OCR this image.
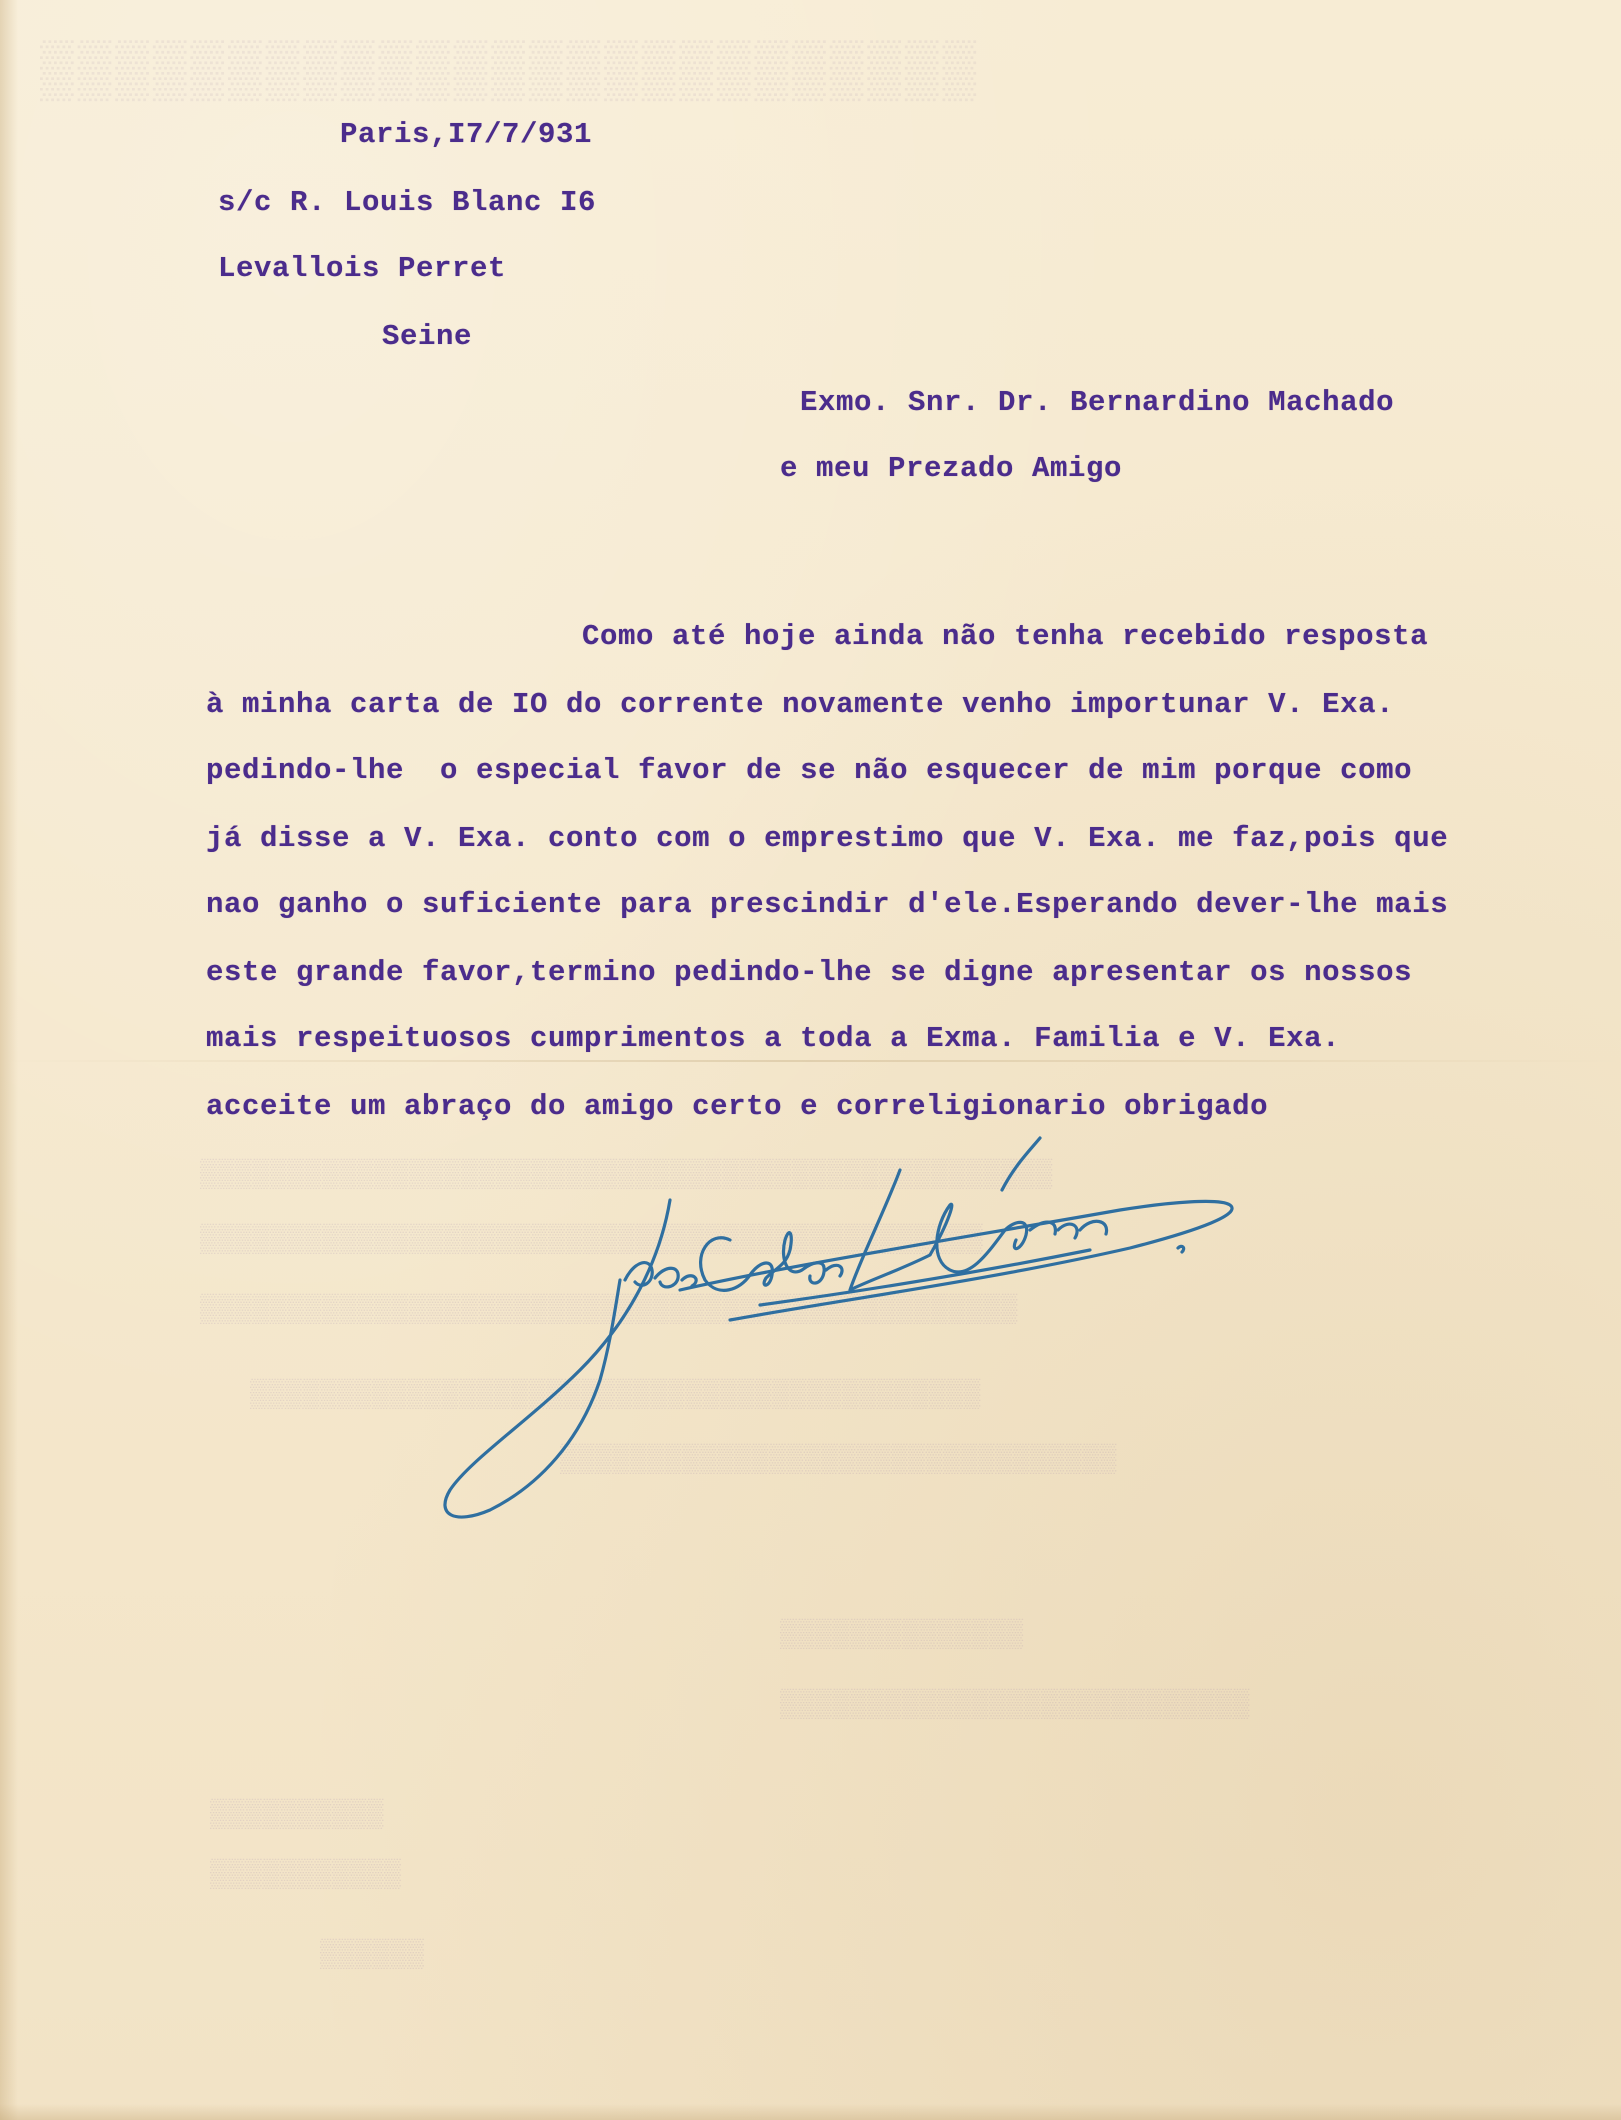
▒▒▒▒▒▒▒▒▒▒▒▒▒▒▒▒▒▒▒▒▒▒▒▒▒
▒▒▒▒▒▒▒▒▒▒▒▒▒▒▒▒▒▒▒▒▒▒▒▒▒▒▒▒▒▒▒▒▒▒▒▒▒▒▒▒▒▒▒▒▒▒▒▒▒
▒▒▒▒▒▒▒▒▒▒▒▒▒▒▒▒▒▒▒▒▒▒▒▒▒▒▒▒▒▒▒▒▒▒▒▒▒▒▒▒▒▒▒▒▒
▒▒▒▒▒▒▒▒▒▒▒▒▒▒▒▒▒▒▒▒▒▒▒▒▒▒▒▒▒▒▒▒▒▒▒▒▒▒▒▒▒▒▒▒▒▒▒
▒▒▒▒▒▒▒▒▒▒▒▒▒▒▒▒▒▒▒▒▒▒▒▒▒▒▒▒▒▒▒▒▒▒▒▒▒▒▒▒▒▒
▒▒▒▒▒▒▒▒▒▒▒▒▒▒▒▒▒▒▒▒▒▒▒▒▒▒▒▒▒▒▒▒
▒▒▒▒▒▒▒▒▒▒▒▒▒▒
▒▒▒▒▒▒▒▒▒▒▒▒▒▒▒▒▒▒▒▒▒▒▒▒▒▒▒
▒▒▒▒▒▒▒▒▒▒
▒▒▒▒▒▒▒▒▒▒▒
▒▒▒▒▒▒
Paris,I7/7/931
s/c R. Louis Blanc I6
Levallois Perret
Seine
Exmo. Snr. Dr. Bernardino Machado
e meu Prezado Amigo
Como até hoje ainda não tenha recebido resposta
à minha carta de IO do corrente novamente venho importunar V. Exa.
pedindo-lhe  o especial favor de se não esquecer de mim porque como
já disse a V. Exa. conto com o emprestimo que V. Exa. me faz,pois que
nao ganho o suficiente para prescindir d'ele.Esperando dever-lhe mais
este grande favor,termino pedindo-lhe se digne apresentar os nossos
mais respeituosos cumprimentos a toda a Exma. Familia e V. Exa.
acceite um abraço do amigo certo e correligionario obrigado
